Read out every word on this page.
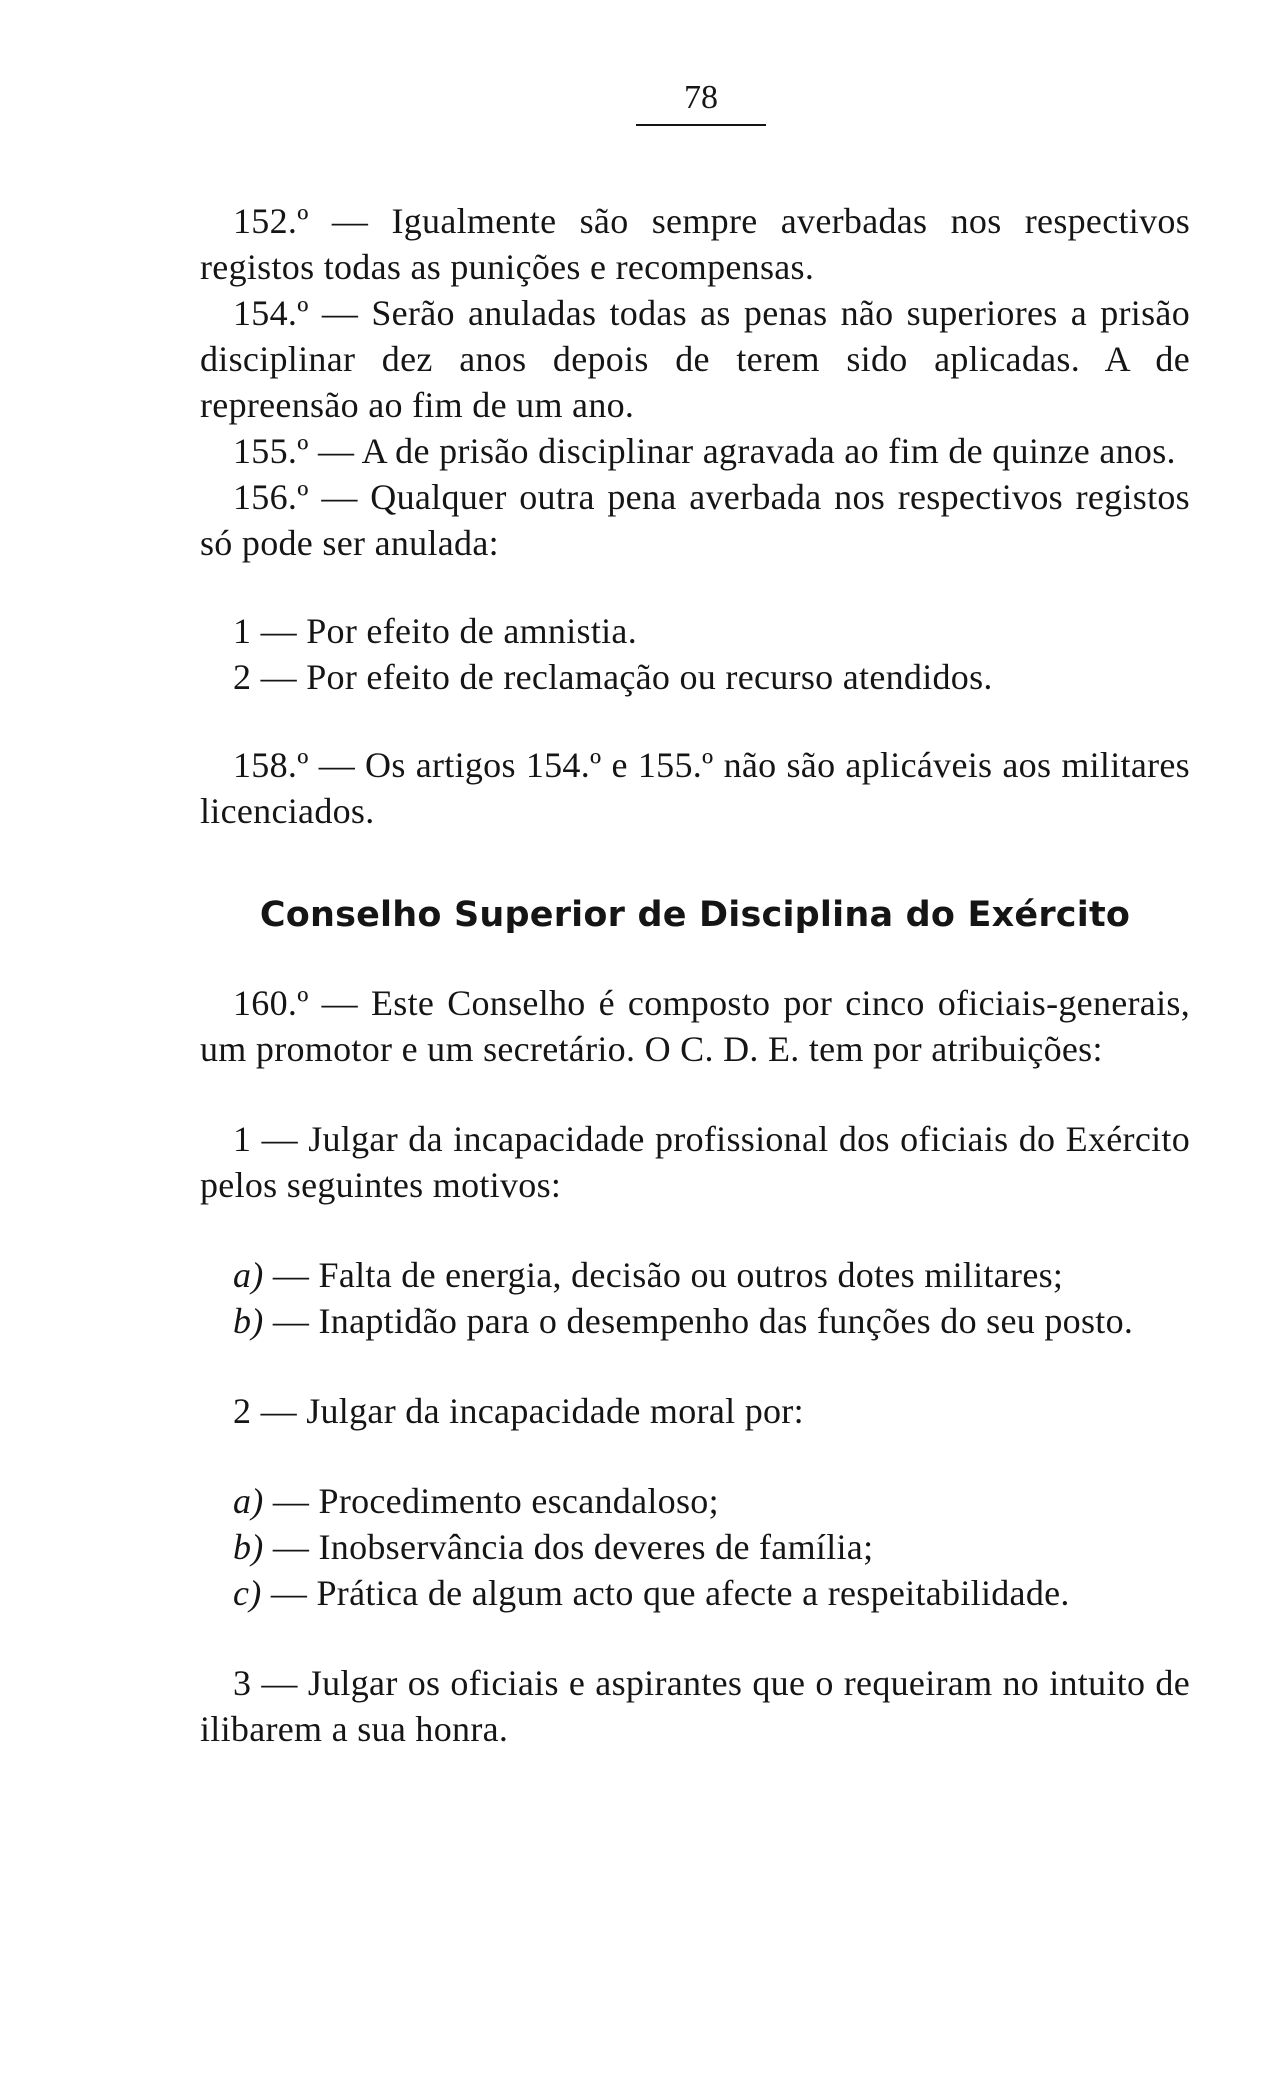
78

152.º — Igualmente são sempre averbadas nos respectivos registos todas as punições e recompensas.

154.º — Serão anuladas todas as penas não superiores a prisão disciplinar dez anos depois de terem sido aplicadas. A de repreensão ao fim de um ano.

155.º — A de prisão disciplinar agravada ao fim de quinze anos.

156.º — Qualquer outra pena averbada nos respectivos registos só pode ser anulada:

1 — Por efeito de amnistia.

2 — Por efeito de reclamação ou recurso atendidos.

158.º — Os artigos 154.º e 155.º não são aplicáveis aos militares licenciados.

Conselho Superior de Disciplina do Exército

160.º — Este Conselho é composto por cinco oficiais-generais, um promotor e um secretário. O C. D. E. tem por atribuições:

1 — Julgar da incapacidade profissional dos oficiais do Exército pelos seguintes motivos:

a) — Falta de energia, decisão ou outros dotes militares;

b) — Inaptidão para o desempenho das funções do seu posto.

2 — Julgar da incapacidade moral por:

a) — Procedimento escandaloso;

b) — Inobservância dos deveres de família;

c) — Prática de algum acto que afecte a respeitabilidade.

3 — Julgar os oficiais e aspirantes que o requeiram no intuito de ilibarem a sua honra.
